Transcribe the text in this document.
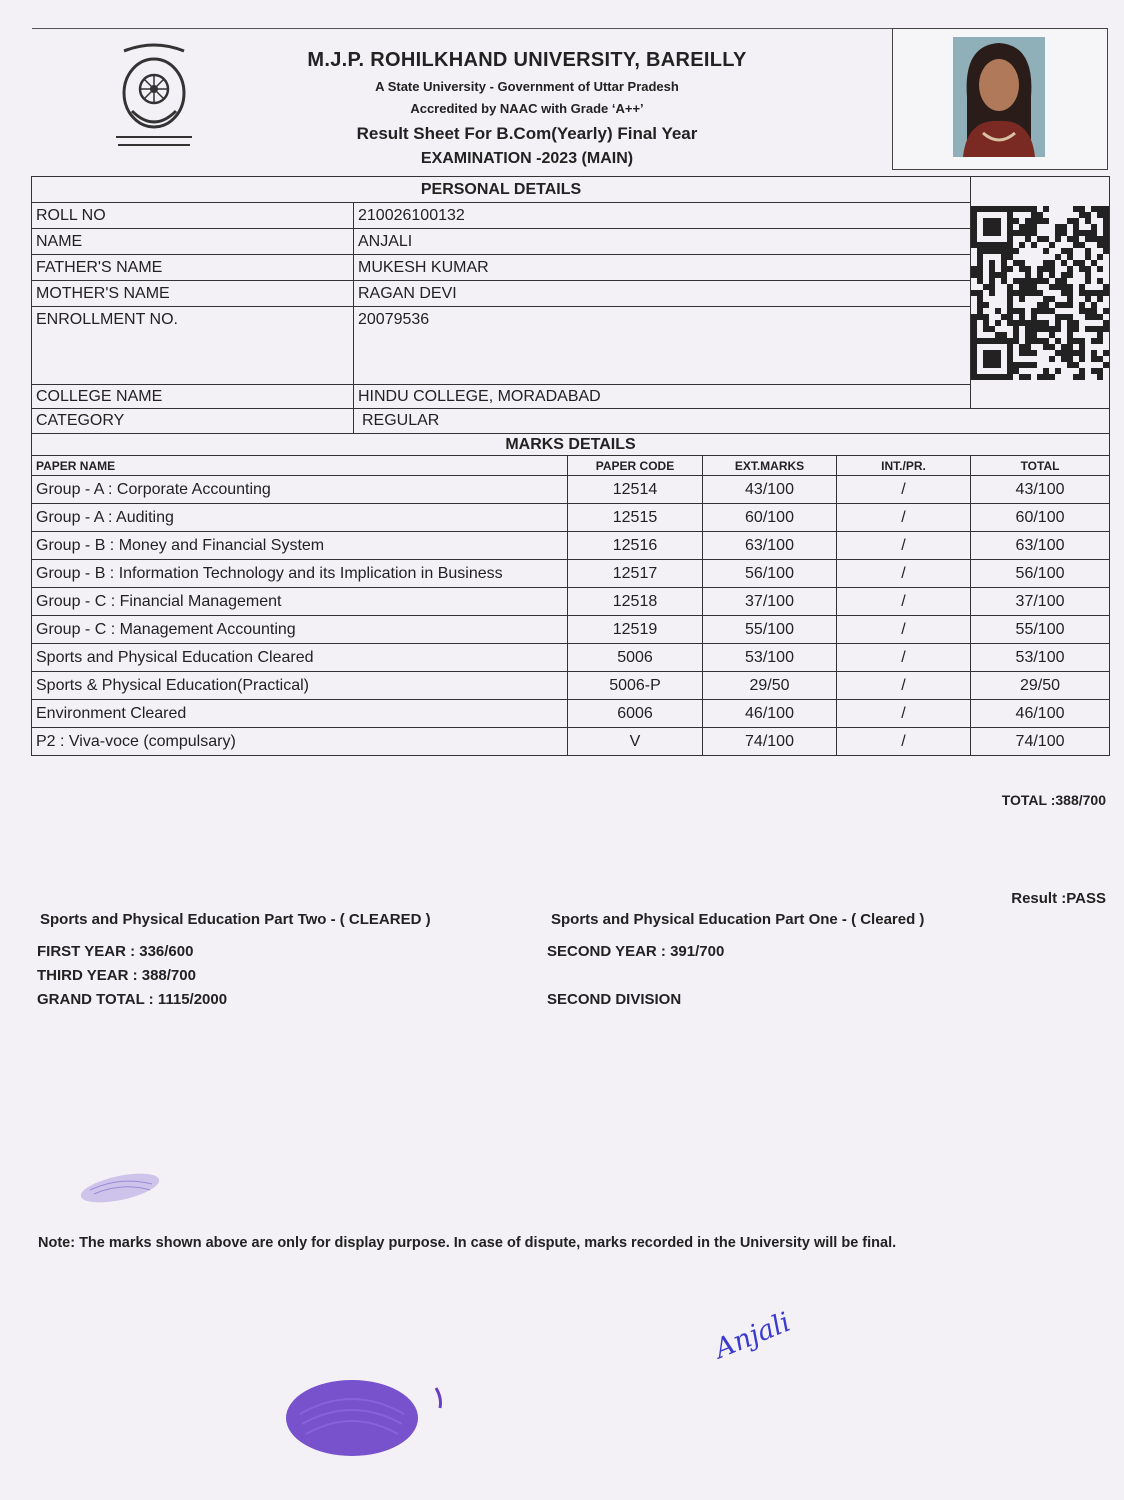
M.J.P. ROHILKHAND UNIVERSITY, BAREILLY
A State University - Government of Uttar Pradesh
Accredited by NAAC with Grade ‘A++’
Result Sheet For B.Com(Yearly) Final Year
EXAMINATION -2023 (MAIN)
PERSONAL DETAILS	

ROLL NO	210026100132				
NAME	ANJALI				
FATHER'S NAME	MUKESH KUMAR				
MOTHER'S NAME	RAGAN DEVI				
ENROLLMENT NO.	20079536				

COLLEGE NAME	HINDU COLLEGE, MORADABAD				
CATEGORY	REGULAR				
MARKS DETAILS					
PAPER NAME		PAPER CODE	EXT.MARKS	INT./PR.	TOTAL
Group - A : Corporate Accounting		12514	43/100	/	43/100
Group - A : Auditing		12515	60/100	/	60/100
Group - B : Money and Financial System		12516	63/100	/	63/100
Group - B : Information Technology and its Implication in Business		12517	56/100	/	56/100
Group - C : Financial Management		12518	37/100	/	37/100
Group - C : Management Accounting		12519	55/100	/	55/100
Sports and Physical Education Cleared		5006	53/100	/	53/100
Sports & Physical Education(Practical)		5006-P	29/50	/	29/50
Environment Cleared		6006	46/100	/	46/100
P2 : Viva-voce (compulsary)		V	74/100	/	74/100
TOTAL :388/700
Result :PASS
Sports and Physical Education Part Two - ( CLEARED )	Sports and Physical Education Part One - ( Cleared )
FIRST YEAR : 336/600	SECOND YEAR : 391/700
THIRD YEAR : 388/700
GRAND TOTAL : 1115/2000	SECOND DIVISION
Note: The marks shown above are only for display purpose. In case of dispute, marks recorded in the University will be final.
Anjali
